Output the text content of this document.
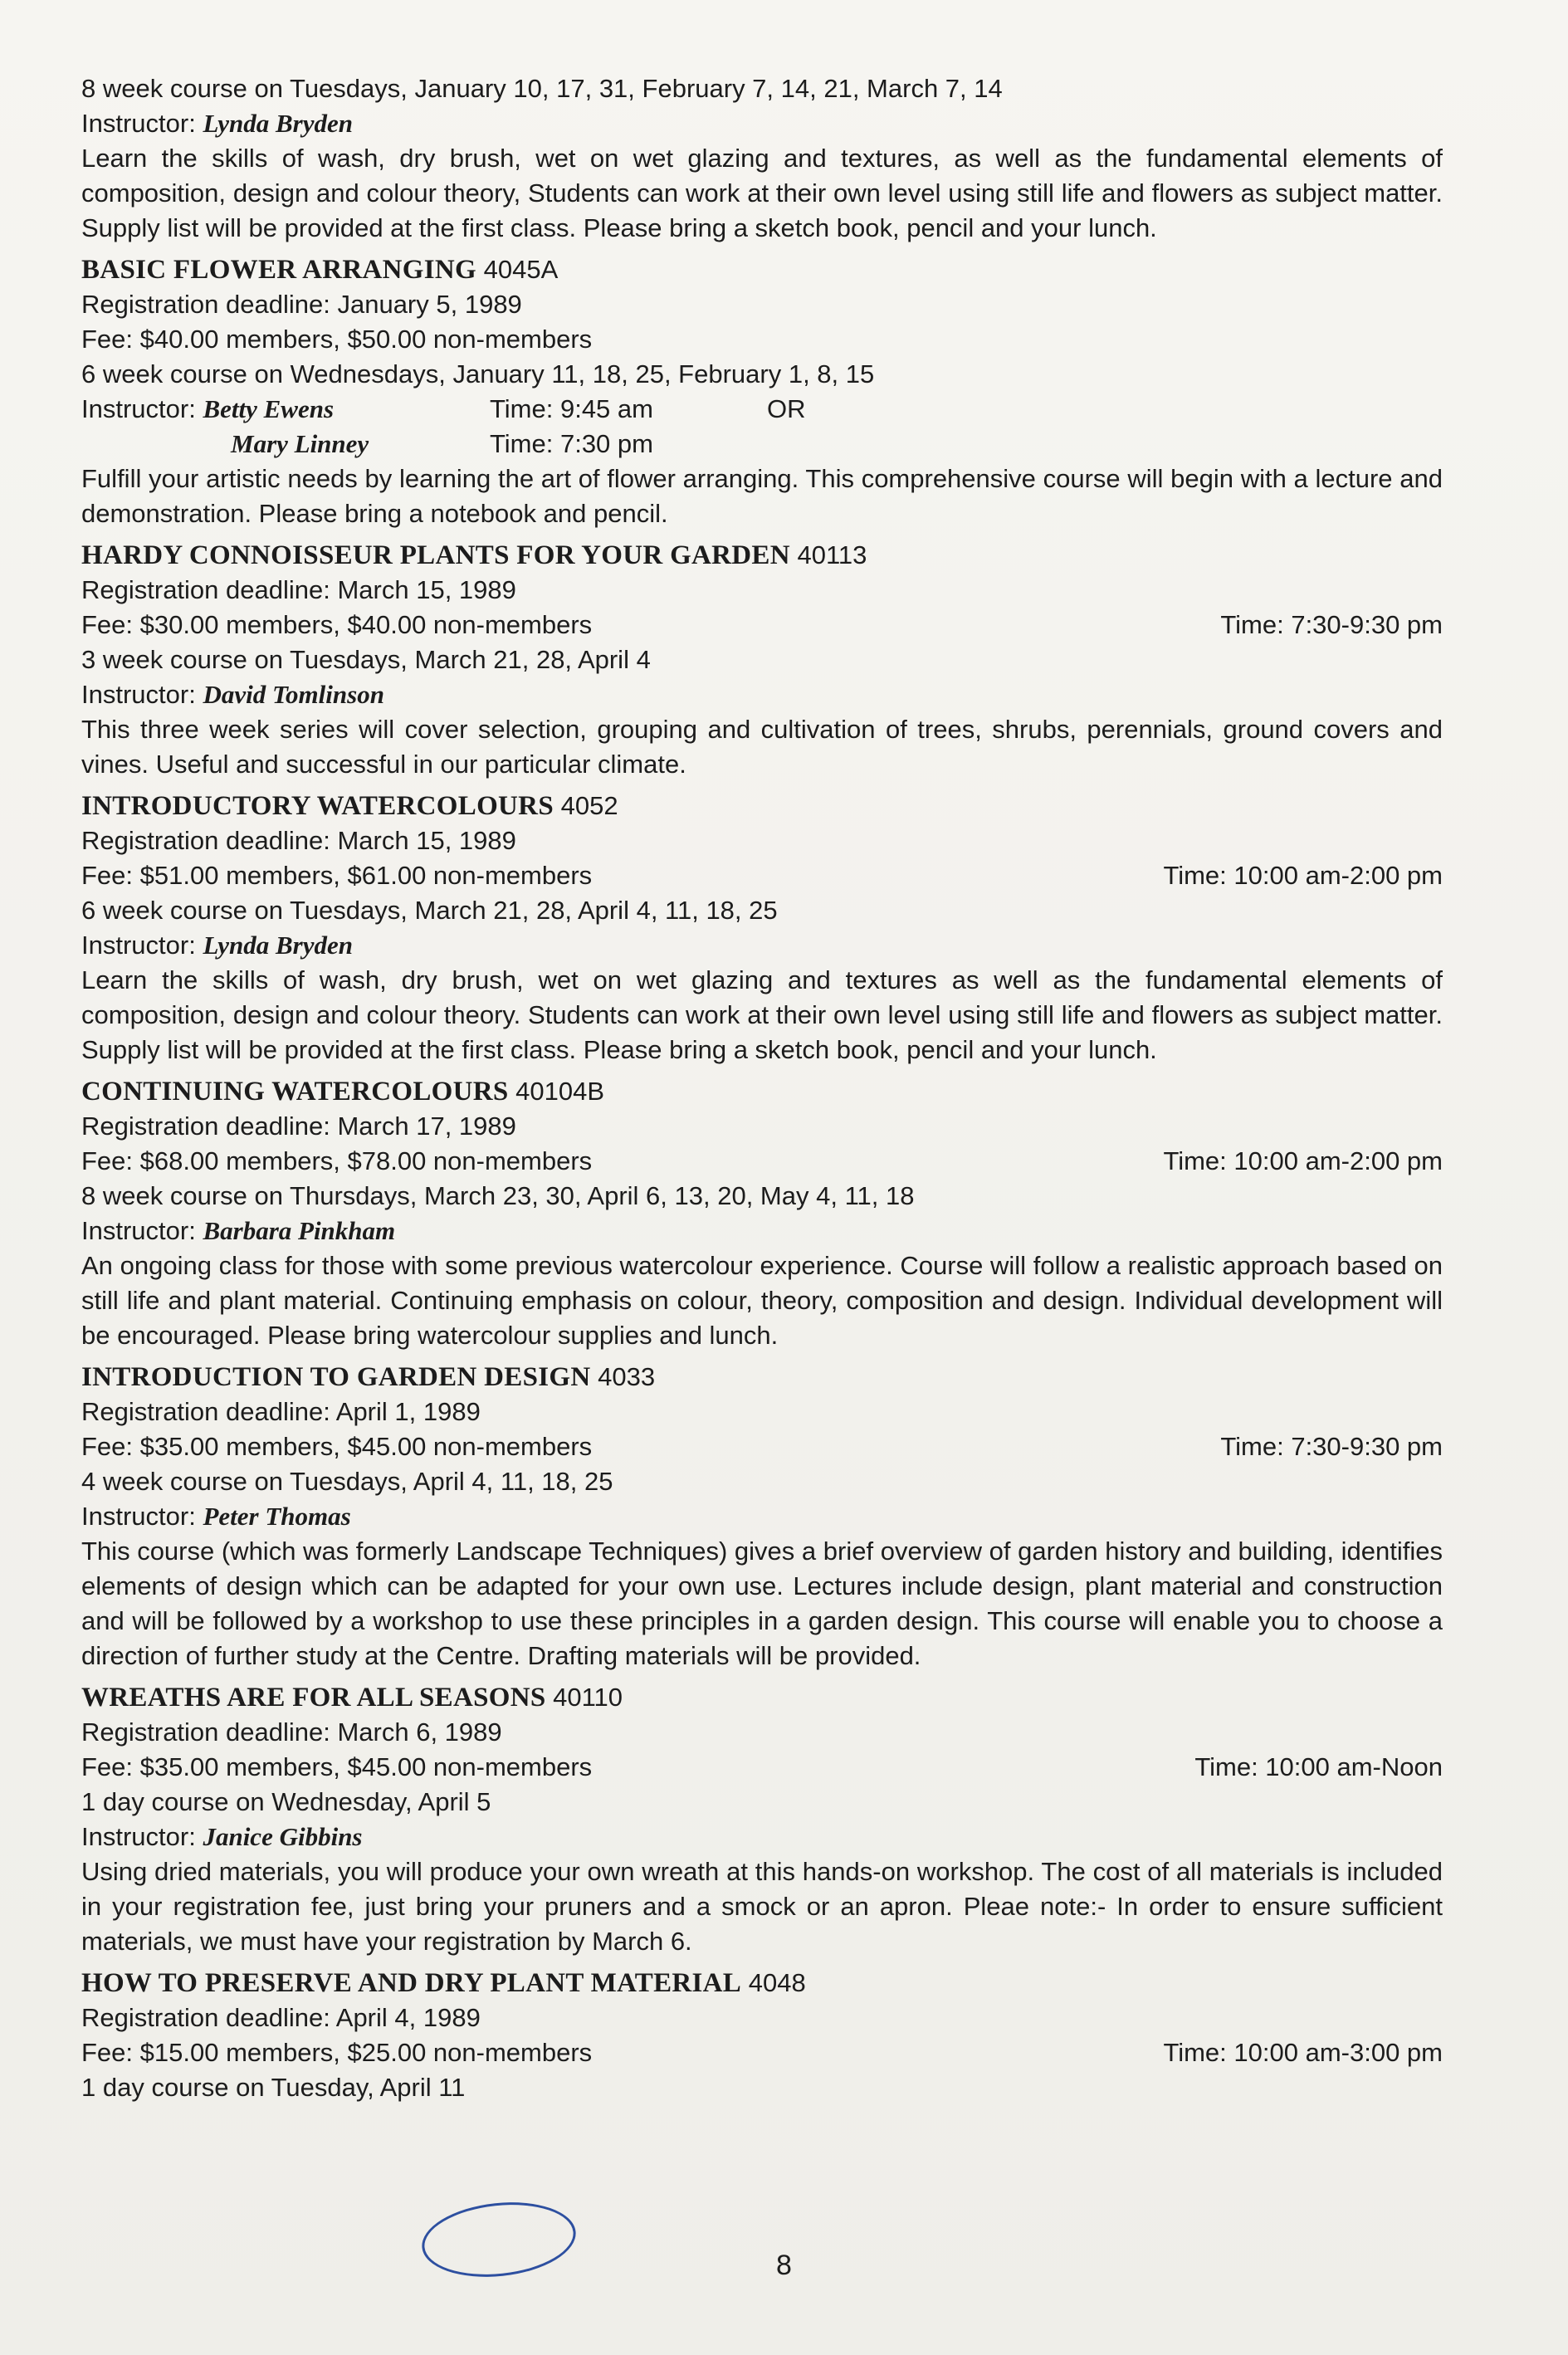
8 week course on Tuesdays, January 10, 17, 31, February 7, 14, 21, March 7, 14
Instructor: Lynda Bryden

Learn the skills of wash, dry brush, wet on wet glazing and textures, as well as the fundamental elements of composition, design and colour theory, Students can work at their own level using still life and flowers as subject matter. Supply list will be provided at the first class. Please bring a sketch book, pencil and your lunch.

BASIC FLOWER ARRANGING 4045A
Registration deadline: January 5, 1989
Fee: $40.00 members, $50.00 non-members
6 week course on Wednesdays, January 11, 18, 25, February 1, 8, 15
Instructor: Betty Ewens	Time: 9:45 am	OR
Mary Linney	Time: 7:30 pm

Fulfill your artistic needs by learning the art of flower arranging. This comprehensive course will begin with a lecture and demonstration. Please bring a notebook and pencil.

HARDY CONNOISSEUR PLANTS FOR YOUR GARDEN 40113
Registration deadline: March 15, 1989
Fee: $30.00 members, $40.00 non-members	Time: 7:30-9:30 pm
3 week course on Tuesdays, March 21, 28, April 4
Instructor: David Tomlinson

This three week series will cover selection, grouping and cultivation of trees, shrubs, perennials, ground covers and vines. Useful and successful in our particular climate.

INTRODUCTORY WATERCOLOURS 4052
Registration deadline: March 15, 1989
Fee: $51.00 members, $61.00 non-members	Time: 10:00 am-2:00 pm
6 week course on Tuesdays, March 21, 28, April 4, 11, 18, 25
Instructor: Lynda Bryden

Learn the skills of wash, dry brush, wet on wet glazing and textures as well as the fundamental elements of composition, design and colour theory. Students can work at their own level using still life and flowers as subject matter. Supply list will be provided at the first class. Please bring a sketch book, pencil and your lunch.

CONTINUING WATERCOLOURS 40104B
Registration deadline: March 17, 1989
Fee: $68.00 members, $78.00 non-members	Time: 10:00 am-2:00 pm
8 week course on Thursdays, March 23, 30, April 6, 13, 20, May 4, 11, 18
Instructor: Barbara Pinkham

An ongoing class for those with some previous watercolour experience. Course will follow a realistic approach based on still life and plant material. Continuing emphasis on colour, theory, composition and design. Individual development will be encouraged. Please bring watercolour supplies and lunch.

INTRODUCTION TO GARDEN DESIGN 4033
Registration deadline: April 1, 1989
Fee: $35.00 members, $45.00 non-members	Time: 7:30-9:30 pm
4 week course on Tuesdays, April 4, 11, 18, 25
Instructor: Peter Thomas

This course (which was formerly Landscape Techniques) gives a brief overview of garden history and building, identifies elements of design which can be adapted for your own use. Lectures include design, plant material and construction and will be followed by a workshop to use these principles in a garden design. This course will enable you to choose a direction of further study at the Centre. Drafting materials will be provided.

WREATHS ARE FOR ALL SEASONS 40110
Registration deadline: March 6, 1989
Fee: $35.00 members, $45.00 non-members	Time: 10:00 am-Noon
1 day course on Wednesday, April 5
Instructor: Janice Gibbins

Using dried materials, you will produce your own wreath at this hands-on workshop. The cost of all materials is included in your registration fee, just bring your pruners and a smock or an apron. Pleae note:- In order to ensure sufficient materials, we must have your registration by March 6.

HOW TO PRESERVE AND DRY PLANT MATERIAL 4048
Registration deadline: April 4, 1989
Fee: $15.00 members, $25.00 non-members	Time: 10:00 am-3:00 pm
1 day course on Tuesday, April 11
8
